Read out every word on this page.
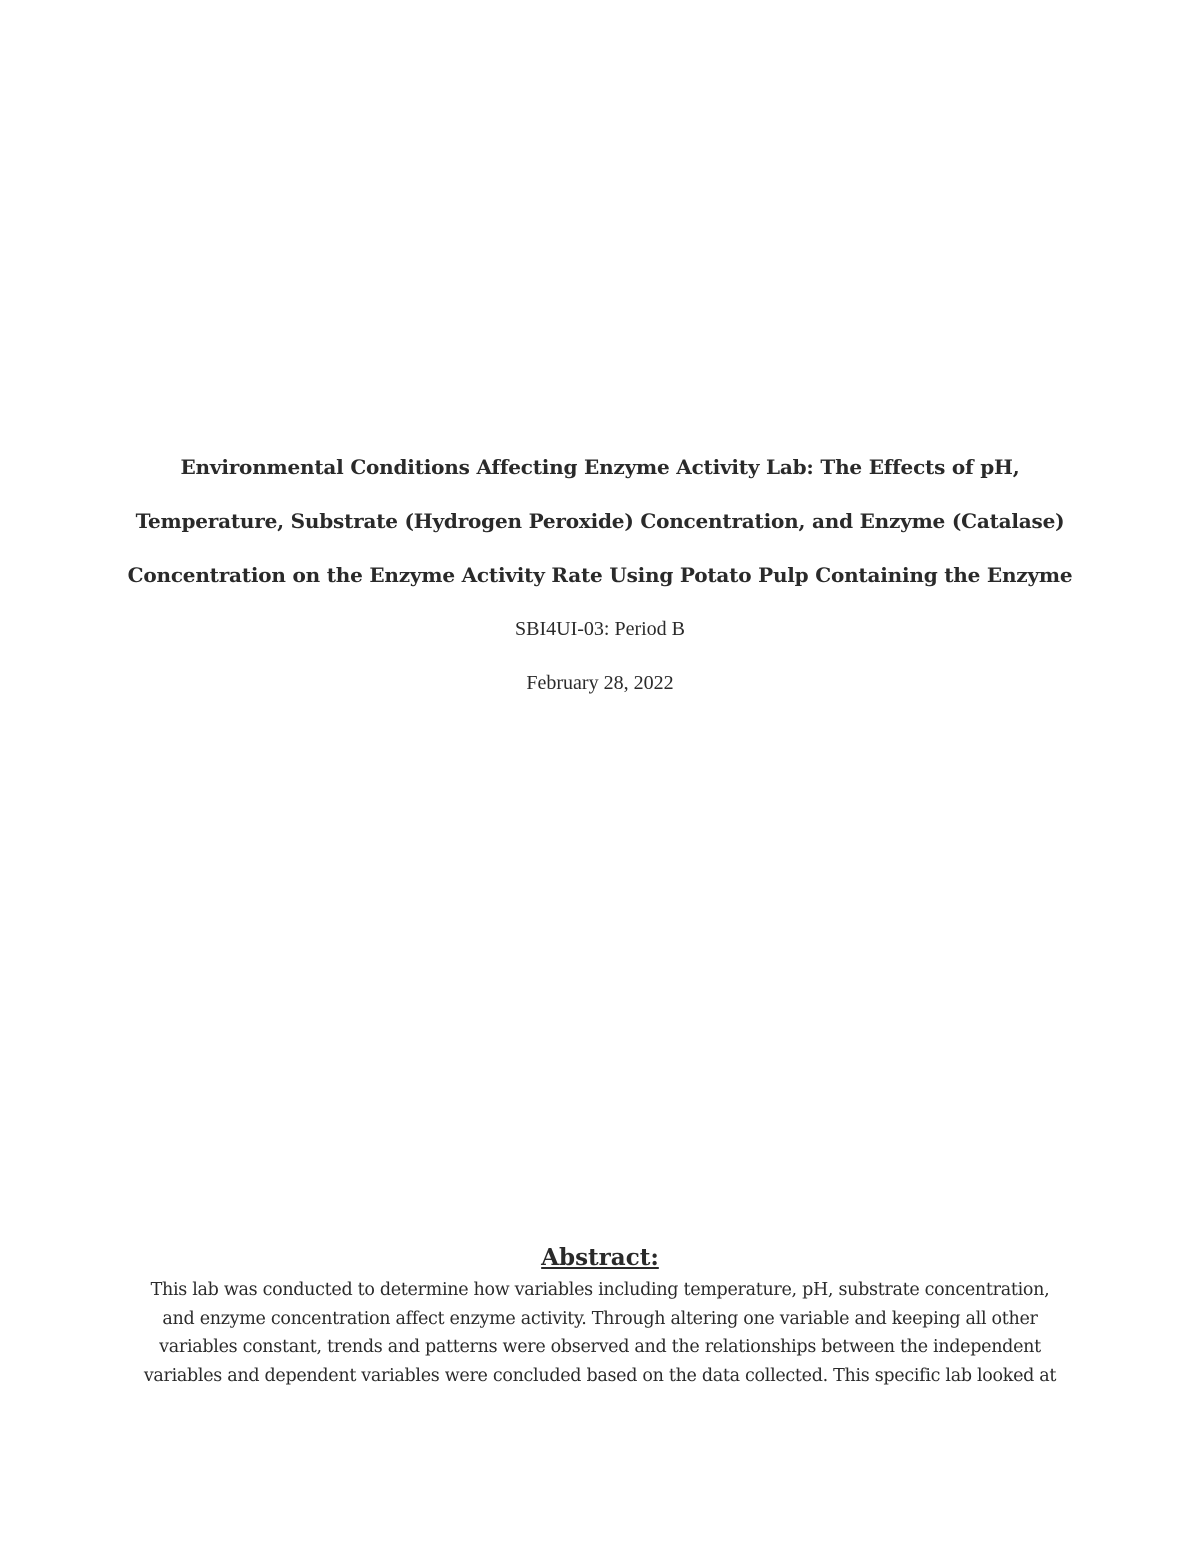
Environmental Conditions Affecting Enzyme Activity Lab: The Effects of pH,
Temperature, Substrate (Hydrogen Peroxide) Concentration, and Enzyme (Catalase)
Concentration on the Enzyme Activity Rate Using Potato Pulp Containing the Enzyme
SBI4UI-03: Period B
February 28, 2022
Abstract:
This lab was conducted to determine how variables including temperature, pH, substrate concentration,
and enzyme concentration affect enzyme activity. Through altering one variable and keeping all other
variables constant, trends and patterns were observed and the relationships between the independent
variables and dependent variables were concluded based on the data collected. This specific lab looked at
